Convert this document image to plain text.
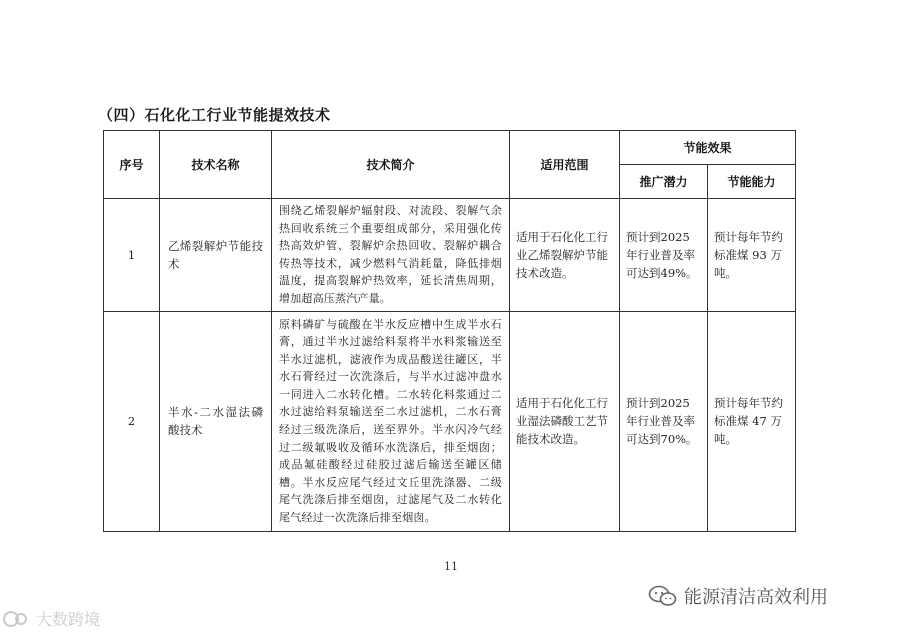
（四）石化化工行业节能提效技术
序号	技术名称	技术简介	适用范围	节能效果	
				推广潜力	节能能力
1	乙烯裂解炉节能技术	围绕乙烯裂解炉辐射段、对流段、裂解气余热回收系统三个重要组成部分，采用强化传热高效炉管、裂解炉余热回收、裂解炉耦合传热等技术，减少燃料气消耗量，降低排烟温度，提高裂解炉热效率，延长清焦周期，增加超高压蒸汽产量。	适用于石化化工行业乙烯裂解炉节能技术改造。	预计到2025年行业普及率可达到49%。	预计每年节约标准煤 93 万吨。
2	半水-二水湿法磷酸技术	原料磷矿与硫酸在半水反应槽中生成半水石膏，通过半水过滤给料泵将半水料浆输送至半水过滤机，滤液作为成品酸送往罐区，半水石膏经过一次洗涤后，与半水过滤冲盘水一同进入二水转化槽。二水转化料浆通过二水过滤给料泵输送至二水过滤机，二水石膏经过三级洗涤后，送至界外。半水闪冷气经过二级氟吸收及循环水洗涤后，排至烟囱；成品氟硅酸经过硅胶过滤后输送至罐区储槽。半水反应尾气经过文丘里洗涤器、二级尾气洗涤后排至烟囱，过滤尾气及二水转化尾气经过一次洗涤后排至烟囱。	适用于石化化工行业湿法磷酸工艺节能技术改造。	预计到2025年行业普及率可达到70%。	预计每年节约标准煤 47 万吨。
11
能源清洁高效利用
大数跨境
